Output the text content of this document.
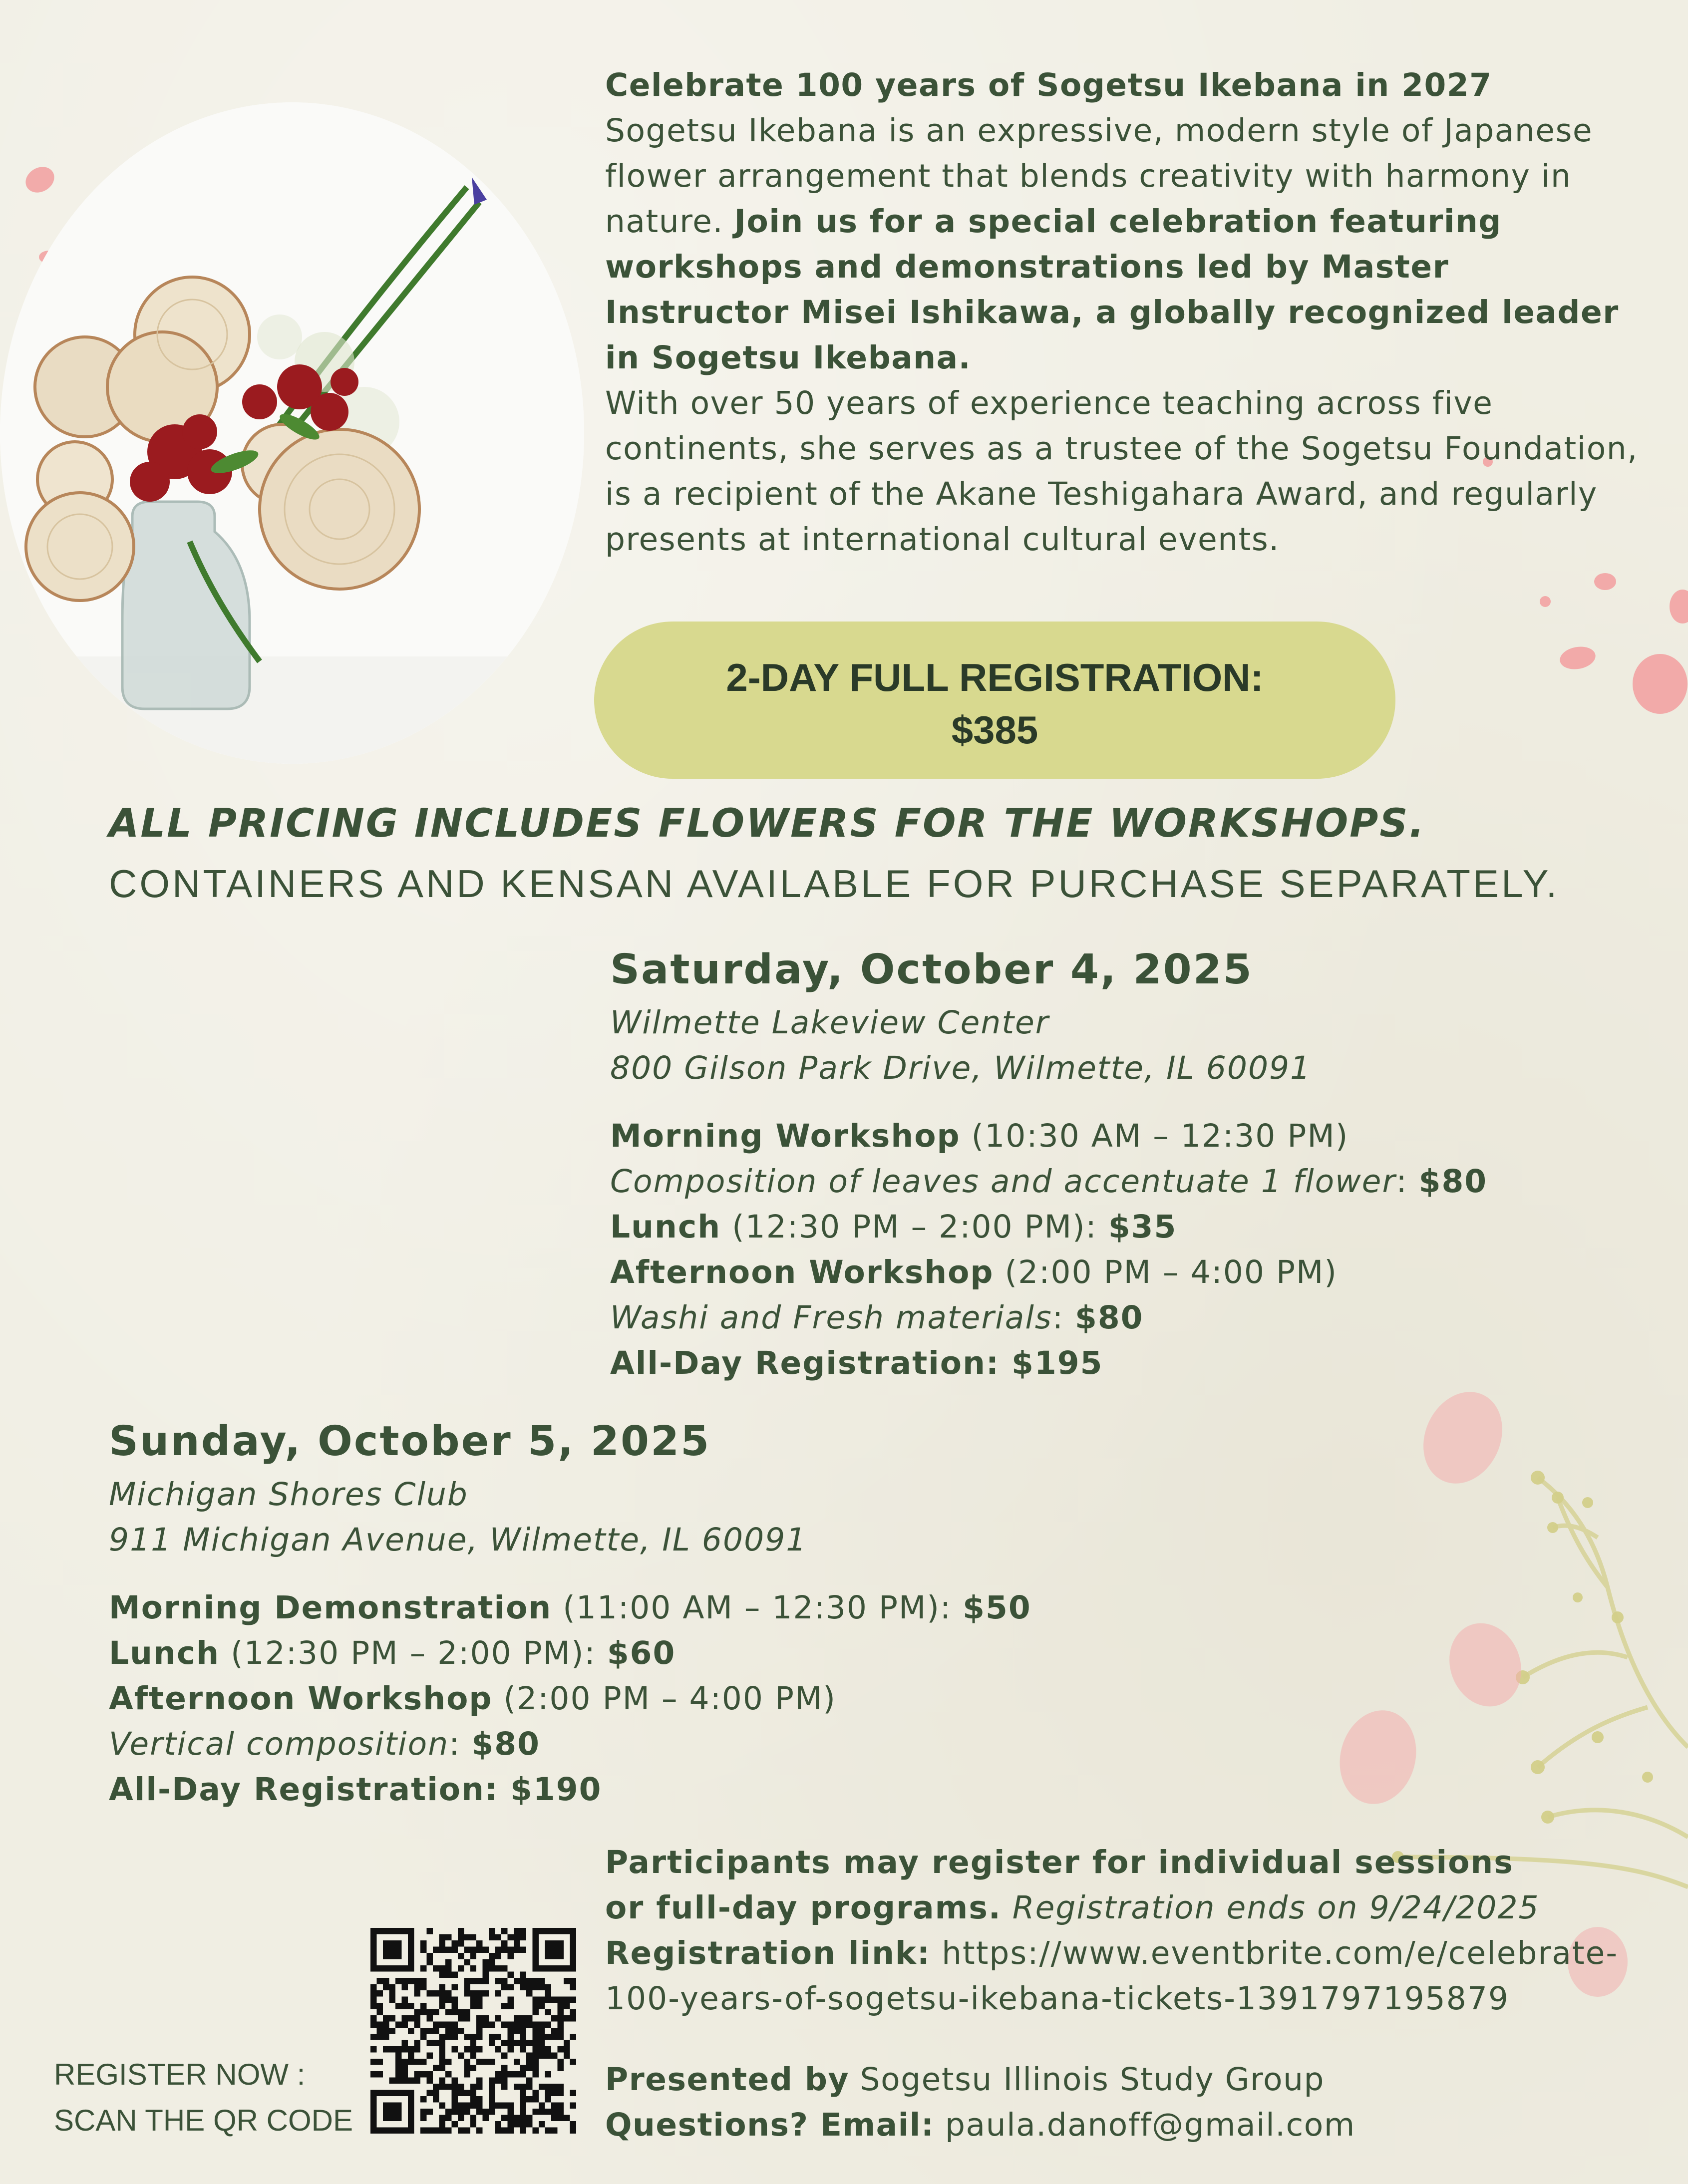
Celebrate 100 years of Sogetsu Ikebana in 2027

Sogetsu Ikebana is an expressive, modern style of Japanese flower arrangement that blends creativity with harmony in nature. Join us for a special celebration featuring workshops and demonstrations led by Master Instructor Misei Ishikawa, a globally recognized leader in Sogetsu Ikebana.

With over 50 years of experience teaching across five continents, she serves as a trustee of the Sogetsu Foundation, is a recipient of the Akane Teshigahara Award, and regularly presents at international cultural events.

2-DAY FULL REGISTRATION:
$385
ALL PRICING INCLUDES FLOWERS FOR THE WORKSHOPS.
CONTAINERS AND KENSAN AVAILABLE FOR PURCHASE SEPARATELY.
Saturday, October 4, 2025
Wilmette Lakeview Center
800 Gilson Park Drive, Wilmette, IL 60091
Morning Workshop (10:30 AM – 12:30 PM)
Composition of leaves and accentuate 1 flower: $80
Lunch (12:30 PM – 2:00 PM): $35
Afternoon Workshop (2:00 PM – 4:00 PM)
Washi and Fresh materials: $80
All-Day Registration: $195
Sunday, October 5, 2025
Michigan Shores Club
911 Michigan Avenue, Wilmette, IL 60091
Morning Demonstration (11:00 AM – 12:30 PM): $50
Lunch (12:30 PM – 2:00 PM): $60
Afternoon Workshop (2:00 PM – 4:00 PM)
Vertical composition: $80
All-Day Registration: $190
Participants may register for individual sessions
or full-day programs. Registration ends on 9/24/2025
Registration link: https://www.eventbrite.com/e/celebrate-
100-years-of-sogetsu-ikebana-tickets-1391797195879
Presented by Sogetsu Illinois Study Group
Questions? Email: paula.danoff@gmail.com
REGISTER NOW :
SCAN THE QR CODE
